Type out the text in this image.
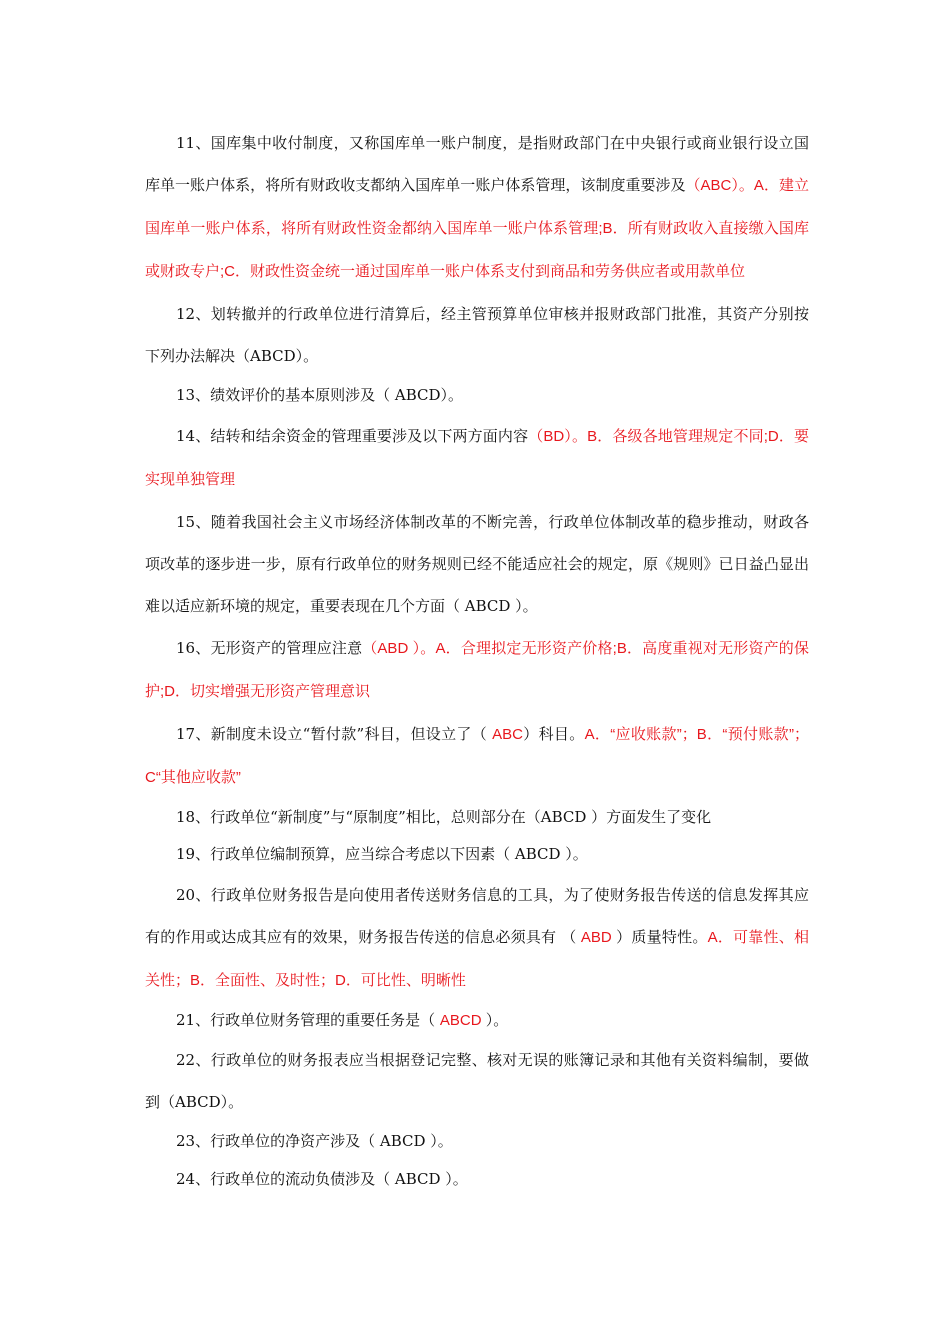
11、国库集中收付制度，又称国库单一账户制度，是指财政部门在中央银行或商业银行设立国库单一账户体系，将所有财政收支都纳入国库单一账户体系管理，该制度重要涉及（ABC）。A．建立国库单一账户体系，将所有财政性资金都纳入国库单一账户体系管理;B．所有财政收入直接缴入国库或财政专户;C．财政性资金统一通过国库单一账户体系支付到商品和劳务供应者或用款单位

12、划转撤并的行政单位进行清算后，经主管预算单位审核并报财政部门批准，其资产分别按下列办法解决（ABCD）。

13、绩效评价的基本原则涉及（ ABCD）。

14、结转和结余资金的管理重要涉及以下两方面内容（BD）。B．各级各地管理规定不同;D．要实现单独管理

15、随着我国社会主义市场经济体制改革的不断完善，行政单位体制改革的稳步推动，财政各项改革的逐步进一步，原有行政单位的财务规则已经不能适应社会的规定，原《规则》已日益凸显出难以适应新环境的规定，重要表现在几个方面（ ABCD ）。

16、无形资产的管理应注意（ABD ）。A．合理拟定无形资产价格;B．高度重视对无形资产的保护;D．切实增强无形资产管理意识

17、新制度未设立“暂付款”科目，但设立了（ ABC）科目。A．“应收账款”；B．“预付账款”；C“其他应收款”

18、行政单位“新制度”与“原制度”相比，总则部分在（ABCD ）方面发生了变化

19、行政单位编制预算，应当综合考虑以下因素（ ABCD ）。

20、行政单位财务报告是向使用者传送财务信息的工具，为了使财务报告传送的信息发挥其应有的作用或达成其应有的效果，财务报告传送的信息必须具有 （ ABD ）质量特性。A．可靠性、相关性；B．全面性、及时性；D．可比性、明晰性

21、行政单位财务管理的重要任务是（ ABCD ）。

22、行政单位的财务报表应当根据登记完整、核对无误的账簿记录和其他有关资料编制，要做到（ABCD）。

23、行政单位的净资产涉及（ ABCD ）。

24、行政单位的流动负债涉及（ ABCD ）。
